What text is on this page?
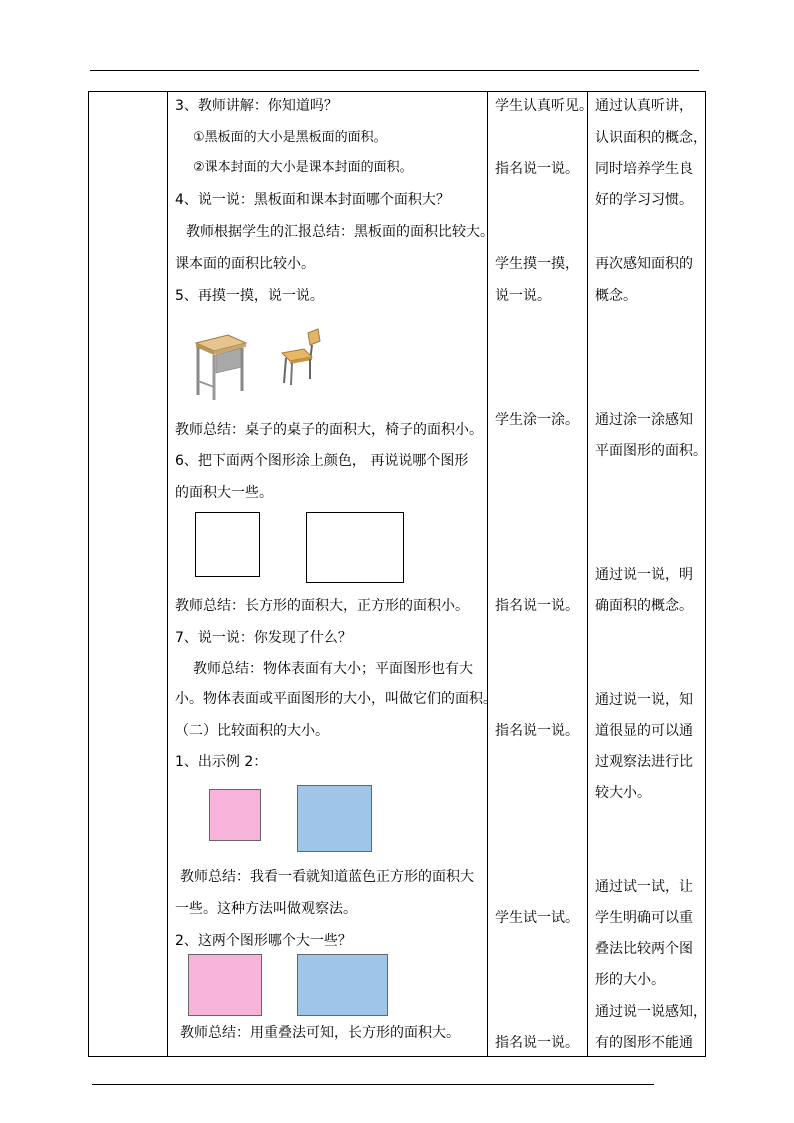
3、教师讲解：你知道吗？
①黑板面的大小是黑板面的面积。
②课本封面的大小是课本封面的面积。
4、说一说：黑板面和课本封面哪个面积大？
教师根据学生的汇报总结：黑板面的面积比较大。
课本面的面积比较小。
5、再摸一摸，说一说。
教师总结：桌子的桌子的面积大，椅子的面积小。
6、把下面两个图形涂上颜色， 再说说哪个图形
的面积大一些。
教师总结：长方形的面积大，正方形的面积小。
7、说一说：你发现了什么？
教师总结：物体表面有大小；平面图形也有大
小。物体表面或平面图形的大小，叫做它们的面积。
（二）比较面积的大小。
1、出示例 2：
教师总结：我看一看就知道蓝色正方形的面积大
一些。这种方法叫做观察法。
2、这两个图形哪个大一些？
教师总结：用重叠法可知，长方形的面积大。
学生认真听见。
指名说一说。
学生摸一摸，
说一说。
学生涂一涂。
指名说一说。
指名说一说。
学生试一试。
指名说一说。
通过认真听讲，
认识面积的概念，
同时培养学生良
好的学习习惯。
再次感知面积的
概念。
通过涂一涂感知
平面图形的面积。
通过说一说，明
确面积的概念。
通过说一说，知
道很显的可以通
过观察法进行比
较大小。
通过试一试，让
学生明确可以重
叠法比较两个图
形的大小。
通过说一说感知，
有的图形不能通
